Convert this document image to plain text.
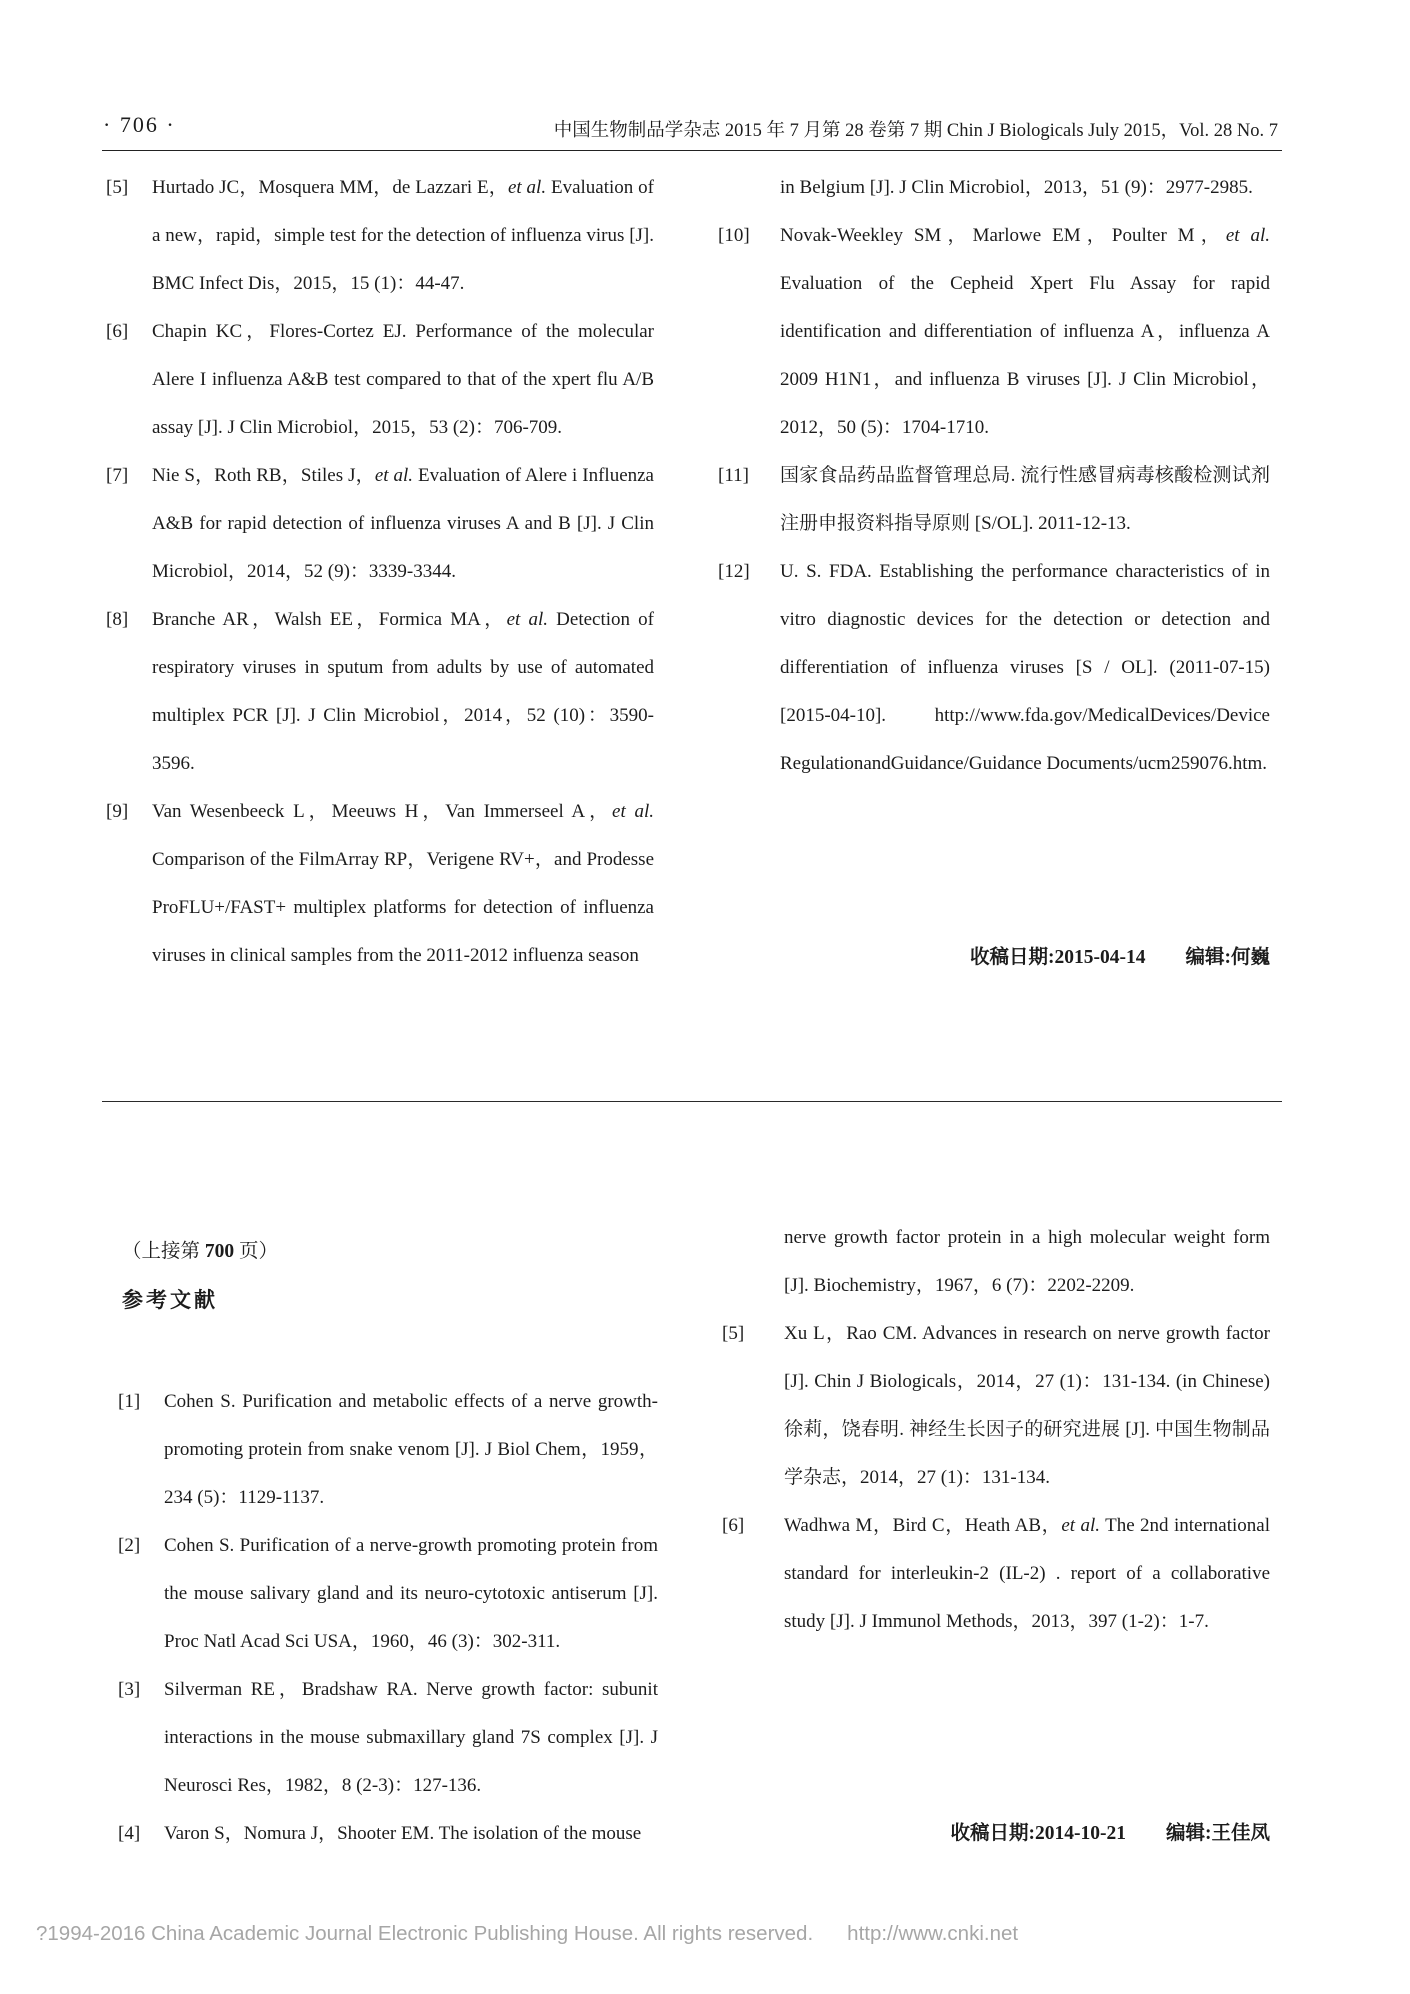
· 706 ·	中国生物制品学杂志 2015 年 7 月第 28 卷第 7 期 Chin J Biologicals July 2015，Vol. 28 No. 7
[5]	Hurtado JC，Mosquera MM，de Lazzari E，et al. Evaluation of a new，rapid，simple test for the detection of influenza virus [J]. BMC Infect Dis，2015，15 (1)：44-47.
[6]	Chapin KC，Flores-Cortez EJ. Performance of the molecular Alere I influenza A&B test compared to that of the xpert flu A/B assay [J]. J Clin Microbiol，2015，53 (2)：706-709.
[7]	Nie S，Roth RB，Stiles J，et al. Evaluation of Alere i Influenza A&B for rapid detection of influenza viruses A and B [J]. J Clin Microbiol，2014，52 (9)：3339-3344.
[8]	Branche AR，Walsh EE，Formica MA，et al. Detection of respiratory viruses in sputum from adults by use of automated multiplex PCR [J]. J Clin Microbiol，2014，52 (10)：3590-3596.
[9]	Van Wesenbeeck L，Meeuws H，Van Immerseel A，et al. Comparison of the FilmArray RP，Verigene RV+，and Prodesse ProFLU+/FAST+ multiplex platforms for detection of influenza viruses in clinical samples from the 2011-2012 influenza season
in Belgium [J]. J Clin Microbiol，2013，51 (9)：2977-2985.
[10]	Novak-Weekley SM，Marlowe EM，Poulter M，et al. Evaluation of the Cepheid Xpert Flu Assay for rapid identification and differentiation of influenza A，influenza A 2009 H1N1，and influenza B viruses [J]. J Clin Microbiol，2012，50 (5)：1704-1710.
[11]	国家食品药品监督管理总局. 流行性感冒病毒核酸检测试剂注册申报资料指导原则 [S/OL]. 2011-12-13.
[12]	U. S. FDA. Establishing the performance characteristics of in vitro diagnostic devices for the detection or detection and differentiation of influenza viruses [S / OL]. (2011-07-15) [2015-04-10]. http://www.fda.gov/MedicalDevices/Device RegulationandGuidance/Guidance Documents/ucm259076.htm.
收稿日期:2015-04-14 编辑:何巍
（上接第 700 页）
参考文献
[1]	Cohen S. Purification and metabolic effects of a nerve growth-promoting protein from snake venom [J]. J Biol Chem，1959，234 (5)：1129-1137.
[2]	Cohen S. Purification of a nerve-growth promoting protein from the mouse salivary gland and its neuro-cytotoxic antiserum [J]. Proc Natl Acad Sci USA，1960，46 (3)：302-311.
[3]	Silverman RE，Bradshaw RA. Nerve growth factor: subunit interactions in the mouse submaxillary gland 7S complex [J]. J Neurosci Res，1982，8 (2-3)：127-136.
[4]	Varon S，Nomura J，Shooter EM. The isolation of the mouse
nerve growth factor protein in a high molecular weight form [J]. Biochemistry，1967，6 (7)：2202-2209.
[5]	Xu L，Rao CM. Advances in research on nerve growth factor [J]. Chin J Biologicals，2014，27 (1)：131-134. (in Chinese) 徐莉，饶春明. 神经生长因子的研究进展 [J]. 中国生物制品学杂志，2014，27 (1)：131-134.
[6]	Wadhwa M，Bird C，Heath AB，et al. The 2nd international standard for interleukin-2 (IL-2) . report of a collaborative study [J]. J Immunol Methods，2013，397 (1-2)：1-7.
收稿日期:2014-10-21 编辑:王佳凤
?1994-2016 China Academic Journal Electronic Publishing House. All rights reserved. http://www.cnki.net
